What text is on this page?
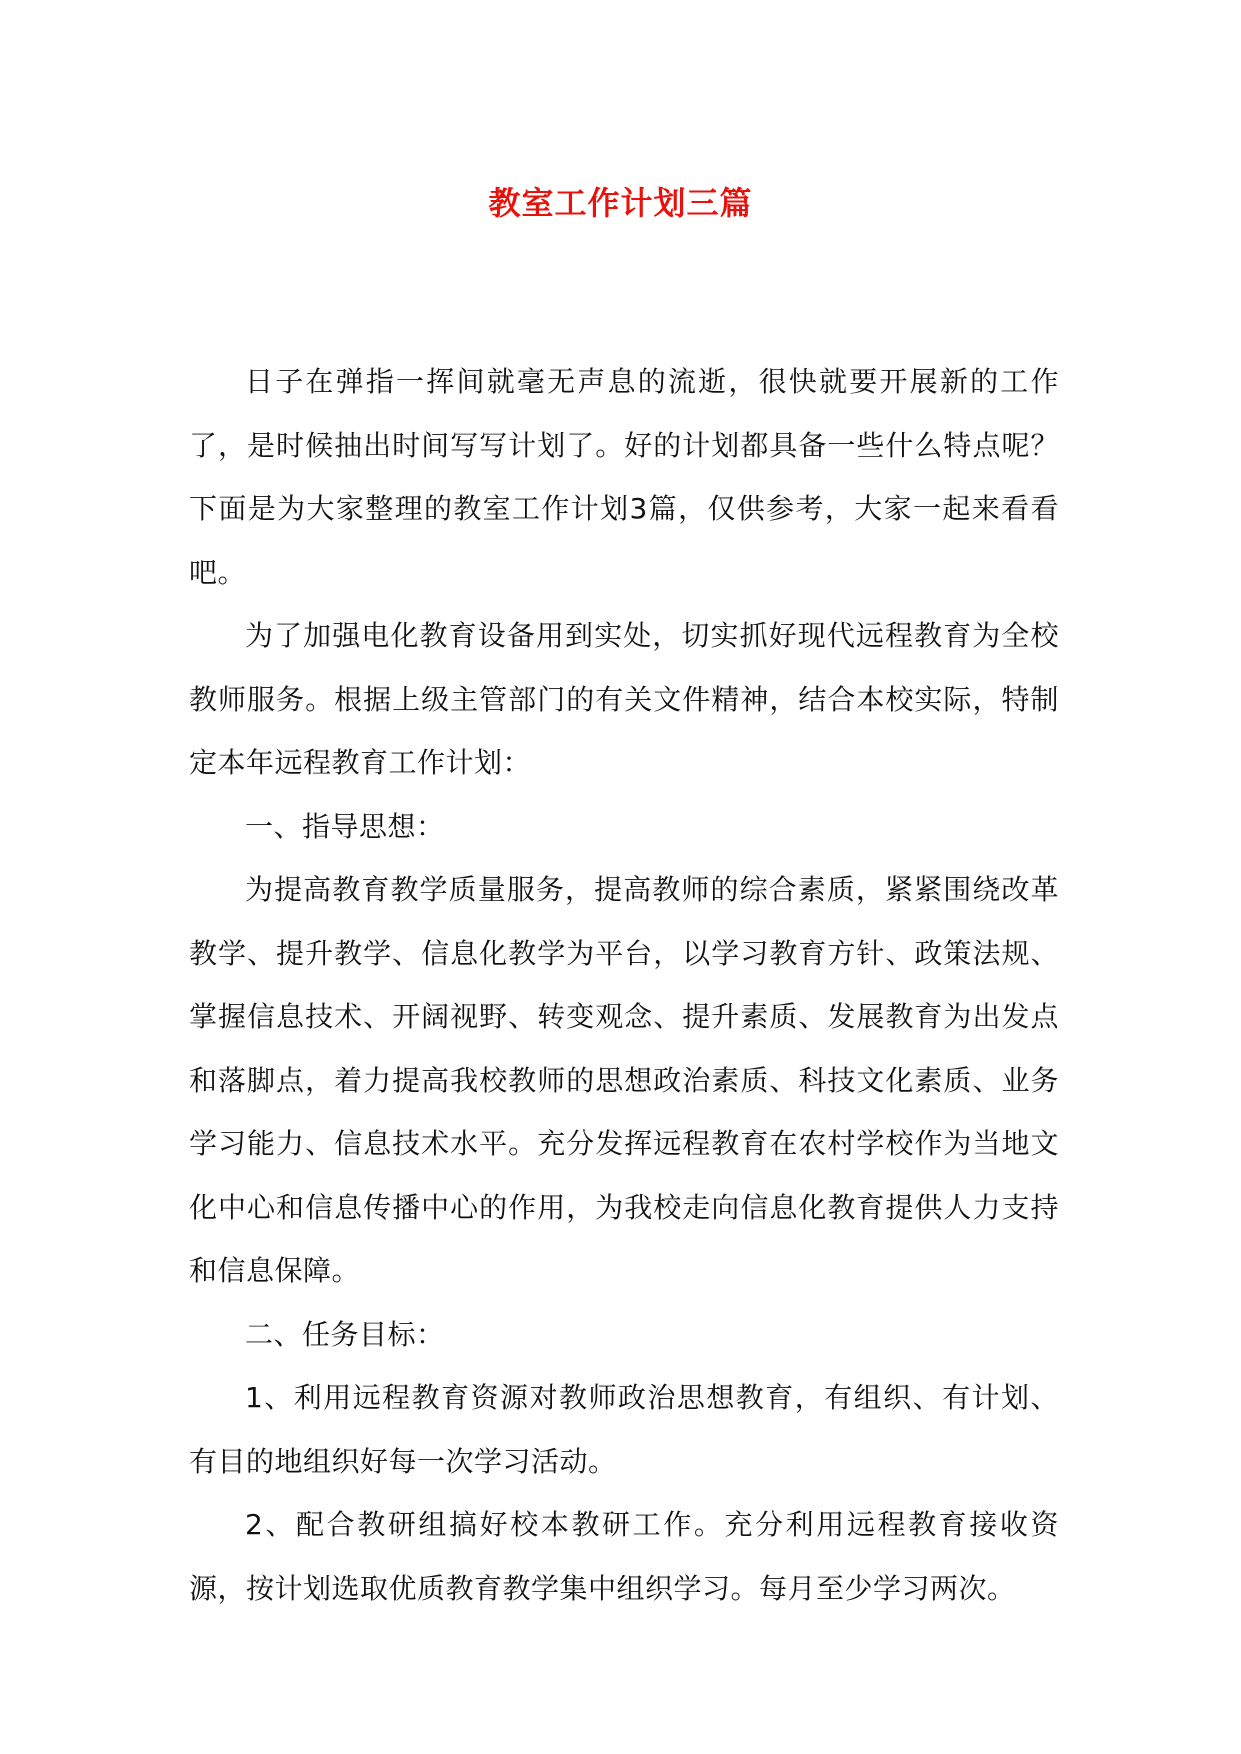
教室工作计划三篇

日子在弹指一挥间就毫无声息的流逝，很快就要开展新的工作了，是时候抽出时间写写计划了。好的计划都具备一些什么特点呢？下面是为大家整理的教室工作计划3篇，仅供参考，大家一起来看看吧。

为了加强电化教育设备用到实处，切实抓好现代远程教育为全校教师服务。根据上级主管部门的有关文件精神，结合本校实际，特制定本年远程教育工作计划：

一、指导思想：

为提高教育教学质量服务，提高教师的综合素质，紧紧围绕改革教学、提升教学、信息化教学为平台，以学习教育方针、政策法规、掌握信息技术、开阔视野、转变观念、提升素质、发展教育为出发点和落脚点，着力提高我校教师的思想政治素质、科技文化素质、业务学习能力、信息技术水平。充分发挥远程教育在农村学校作为当地文化中心和信息传播中心的作用，为我校走向信息化教育提供人力支持和信息保障。

二、任务目标：

1、利用远程教育资源对教师政治思想教育，有组织、有计划、有目的地组织好每一次学习活动。

2、配合教研组搞好校本教研工作。充分利用远程教育接收资源，按计划选取优质教育教学集中组织学习。每月至少学习两次。
